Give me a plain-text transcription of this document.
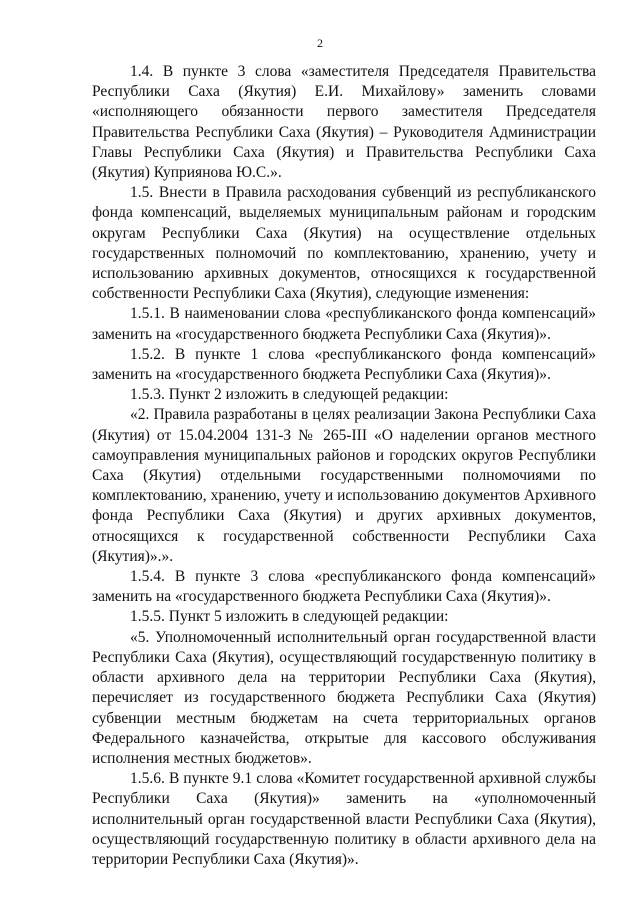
2

1.4. В пункте 3 слова «заместителя Председателя Правительства Республики Саха (Якутия) Е.И. Михайлову» заменить словами «исполняющего обязанности первого заместителя Председателя Правительства Республики Саха (Якутия) – Руководителя Администрации Главы Республики Саха (Якутия) и Правительства Республики Саха (Якутия) Куприянова Ю.С.».

1.5. Внести в Правила расходования субвенций из республиканского фонда компенсаций, выделяемых муниципальным районам и городским округам Республики Саха (Якутия) на осуществление отдельных государственных полномочий по комплектованию, хранению, учету и использованию архивных документов, относящихся к государственной собственности Республики Саха (Якутия), следующие изменения:

1.5.1. В наименовании слова «республиканского фонда компенсаций» заменить на «государственного бюджета Республики Саха (Якутия)».

1.5.2. В пункте 1 слова «республиканского фонда компенсаций» заменить на «государственного бюджета Республики Саха (Якутия)».

1.5.3. Пункт 2 изложить в следующей редакции:

«2. Правила разработаны в целях реализации Закона Республики Саха (Якутия) от 15.04.2004 131-З № 265-III «О наделении органов местного самоуправления муниципальных районов и городских округов Республики Саха (Якутия) отдельными государственными полномочиями по комплектованию, хранению, учету и использованию документов Архивного фонда Республики Саха (Якутия) и других архивных документов, относящихся к государственной собственности Республики Саха (Якутия)».».

1.5.4. В пункте 3 слова «республиканского фонда компенсаций» заменить на «государственного бюджета Республики Саха (Якутия)».

1.5.5. Пункт 5 изложить в следующей редакции:

«5. Уполномоченный исполнительный орган государственной власти Республики Саха (Якутия), осуществляющий государственную политику в области архивного дела на территории Республики Саха (Якутия), перечисляет из государственного бюджета Республики Саха (Якутия) субвенции местным бюджетам на счета территориальных органов Федерального казначейства, открытые для кассового обслуживания исполнения местных бюджетов».

1.5.6. В пункте 9.1 слова «Комитет государственной архивной службы Республики Саха (Якутия)» заменить на «уполномоченный исполнительный орган государственной власти Республики Саха (Якутия), осуществляющий государственную политику в области архивного дела на территории Республики Саха (Якутия)».
